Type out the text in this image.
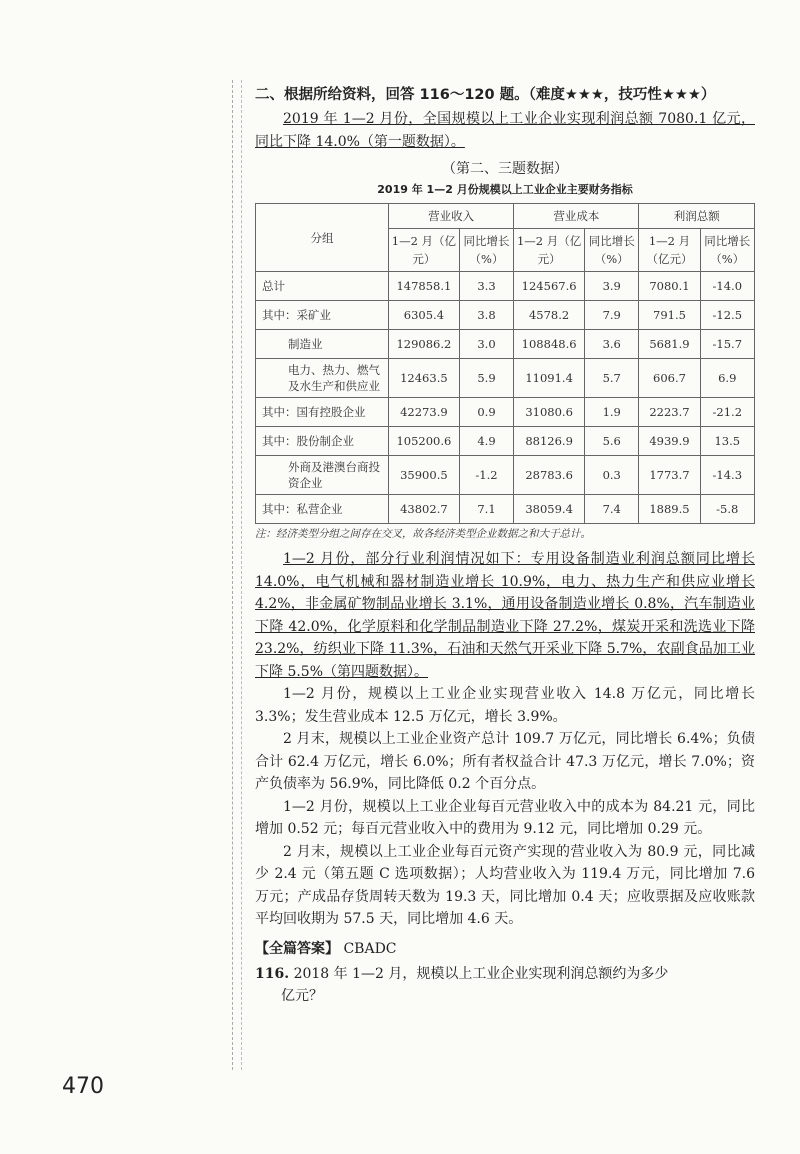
二、根据所给资料，回答 116～120 题。（难度★★★，技巧性★★★）

2019 年 1—2 月份，全国规模以上工业企业实现利润总额 7080.1 亿元，同比下降 14.0%（第一题数据）。

（第二、三题数据）

2019 年 1—2 月份规模以上工业企业主要财务指标

分组	营业收入		营业成本		利润总额	
	1—2 月（亿元）	同比增长（%）	1—2 月（亿元）	同比增长（%）	1—2 月（亿元）	同比增长（%）
总计	147858.1	3.3	124567.6	3.9	7080.1	-14.0
其中：采矿业	6305.4	3.8	4578.2	7.9	791.5	-12.5
制造业	129086.2	3.0	108848.6	3.6	5681.9	-15.7
电力、热力、燃气及水生产和供应业	12463.5	5.9	11091.4	5.7	606.7	6.9
其中：国有控股企业	42273.9	0.9	31080.6	1.9	2223.7	-21.2
其中：股份制企业	105200.6	4.9	88126.9	5.6	4939.9	13.5
外商及港澳台商投资企业	35900.5	-1.2	28783.6	0.3	1773.7	-14.3
其中：私营企业	43802.7	7.1	38059.4	7.4	1889.5	-5.8

注：经济类型分组之间存在交叉，故各经济类型企业数据之和大于总计。

1—2 月份，部分行业利润情况如下：专用设备制造业利润总额同比增长 14.0%，电气机械和器材制造业增长 10.9%，电力、热力生产和供应业增长 4.2%，非金属矿物制品业增长 3.1%，通用设备制造业增长 0.8%，汽车制造业下降 42.0%，化学原料和化学制品制造业下降 27.2%，煤炭开采和洗选业下降 23.2%，纺织业下降 11.3%，石油和天然气开采业下降 5.7%，农副食品加工业下降 5.5%（第四题数据）。

1—2 月份，规模以上工业企业实现营业收入 14.8 万亿元，同比增长 3.3%；发生营业成本 12.5 万亿元，增长 3.9%。

2 月末，规模以上工业企业资产总计 109.7 万亿元，同比增长 6.4%；负债合计 62.4 万亿元，增长 6.0%；所有者权益合计 47.3 万亿元，增长 7.0%；资产负债率为 56.9%，同比降低 0.2 个百分点。

1—2 月份，规模以上工业企业每百元营业收入中的成本为 84.21 元，同比增加 0.52 元；每百元营业收入中的费用为 9.12 元，同比增加 0.29 元。

2 月末，规模以上工业企业每百元资产实现的营业收入为 80.9 元，同比减少 2.4 元（第五题 C 选项数据）；人均营业收入为 119.4 万元，同比增加 7.6 万元；产成品存货周转天数为 19.3 天，同比增加 0.4 天；应收票据及应收账款平均回收期为 57.5 天，同比增加 4.6 天。

【全篇答案】 CBADC

116. 2018 年 1—2 月，规模以上工业企业实现利润总额约为多少
亿元？

470
